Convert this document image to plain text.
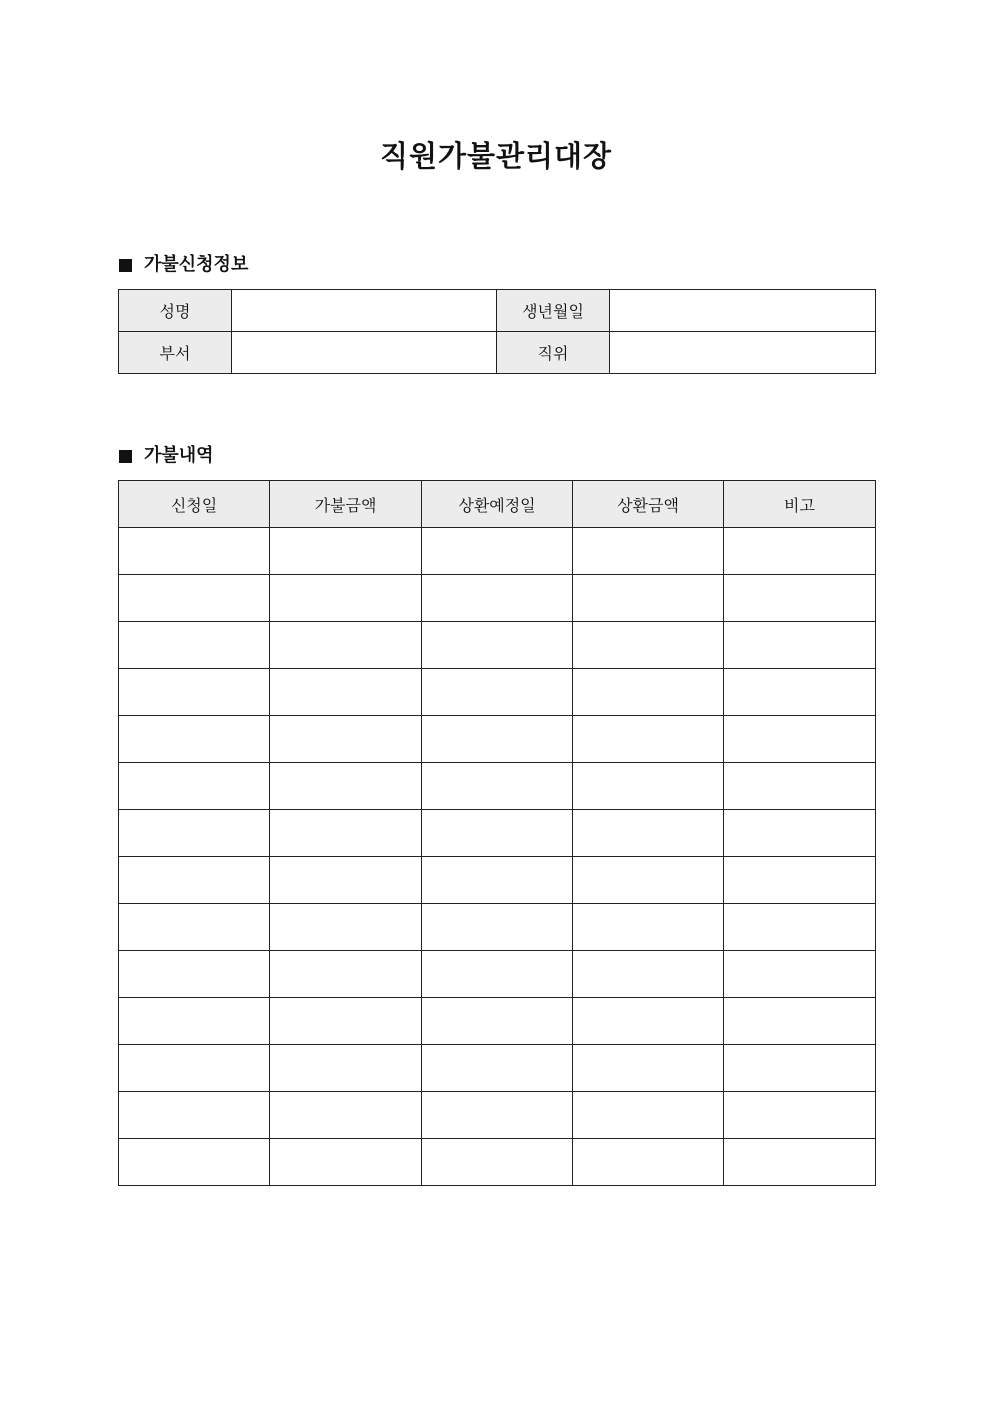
직원가불관리대장
가불신청정보
성명		생년월일	
부서		직위	
가불내역
신청일	가불금액	상환예정일	상환금액	비고
